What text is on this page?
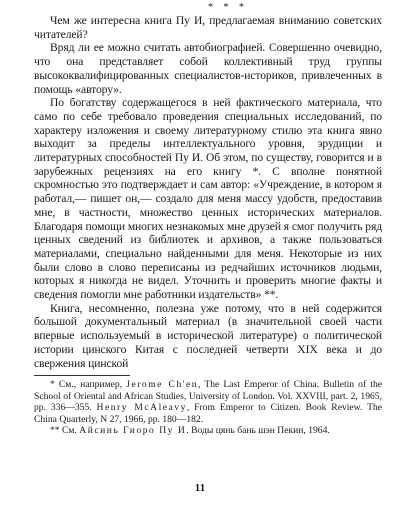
* * *

Чем же интересна книга Пу И, предлагаемая вниманию советских читателей?

Вряд ли ее можно считать автобиографией. Совершенно очевидно, что она представляет собой коллективный труд группы высококвалифицированных специалистов-историков, привлеченных в помощь «автору».

По богатству содержащегося в ней фактического материала, что само по себе требовало проведения специальных исследований, по характеру изложения и своему литературному стилю эта книга явно выходит за пределы интеллектуального уровня, эрудиции и литературных способностей Пу И. Об этом, по существу, говорится и в зарубежных рецензиях на его книгу *. С вполне понятной скромностью это подтверждает и сам автор: «Учреждение, в котором я работал,— пишет он,— создало для меня массу удобств, предоставив мне, в частности, множество ценных исторических материалов. Благодаря помощи многих незнакомых мне друзей я смог получить ряд ценных сведений из библиотек и архивов, а также пользоваться материалами, специально найденными для меня. Некоторые из них были слово в слово переписаны из редчайших источников людьми, которых я никогда не видел. Уточнить и проверить многие факты и сведения помогли мне работники издательств» **.

Книга, несомненно, полезна уже потому, что в ней содержится большой документальный материал (в значительной своей части впервые используемый в исторической литературе) о политической истории цинского Китая с последней четверти XIX века и до свержения цинской

* См., например, Jerome Ch'en, The Last Emperor of China. Bulletin of the School of Oriental and African Studies, University of London. Vol. XXVIII, part. 2, 1965, pp. 336—355. Henry McAleavy, From Emperor to Citizen. Book Review. The China Quarterly, N 27, 1966, pp. 180—182.

** См. Айсинь Гиоро Пу И. Воды цянь бань шэн Пекин, 1964.

11
